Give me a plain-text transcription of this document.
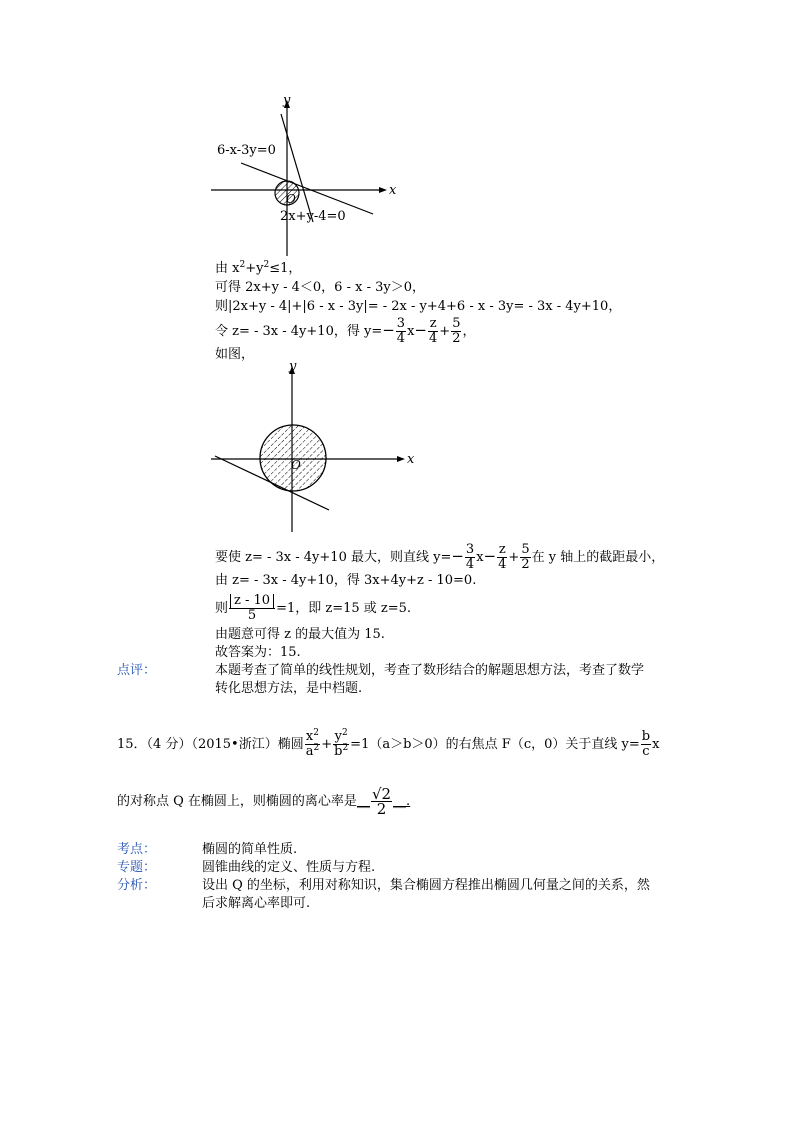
y
x
O
6-x-3y=0
2x+y-4=0
由 $x^2+y^2\le 1$，
可得 2x+y - 4＜0，6 - x - 3y＞0，
则|2x+y - 4|+|6 - x - 3y|= - 2x - y+4+6 - x - 3y= - 3x - 4y+10，
令 z= - 3x - 4y+10，得 $y=- \frac{3}{4} x- \frac{z}{4} + \frac{5}{2}$ ，
如图，
y
x
O
要使 z= - 3x - 4y+10 最大，则直线 $y=- \frac{3}{4} x- \frac{z}{4} + \frac{5}{2}$ 在 y 轴上的截距最小，
由 z= - 3x - 4y+10，得 3x+4y+z - 10=0.
则 $\frac{z - 10}{5} =1$，即 z=15 或 z=5.
由题意可得 z 的最大值为 15.
故答案为：15.
点评：	本题考查了简单的线性规划，考查了数形结合的解题思想方法，考查了数学
转化思想方法，是中档题.
15．（4 分）（2015•浙江）椭圆 $\frac{x^2}{a^2} + \frac{y^2}{b^2} =1(a>b>0)$的右焦点 F（c，0）关于直线 $y= \frac{b}{c}$ x
的对称点 Q 在椭圆上，则椭圆的离心率是__ $\frac{√2}{2}$ __.
考点：	椭圆的简单性质.
专题：	圆锥曲线的定义、性质与方程.
分析：	设出 Q 的坐标，利用对称知识，集合椭圆方程推出椭圆几何量之间的关系，然
后求解离心率即可.
